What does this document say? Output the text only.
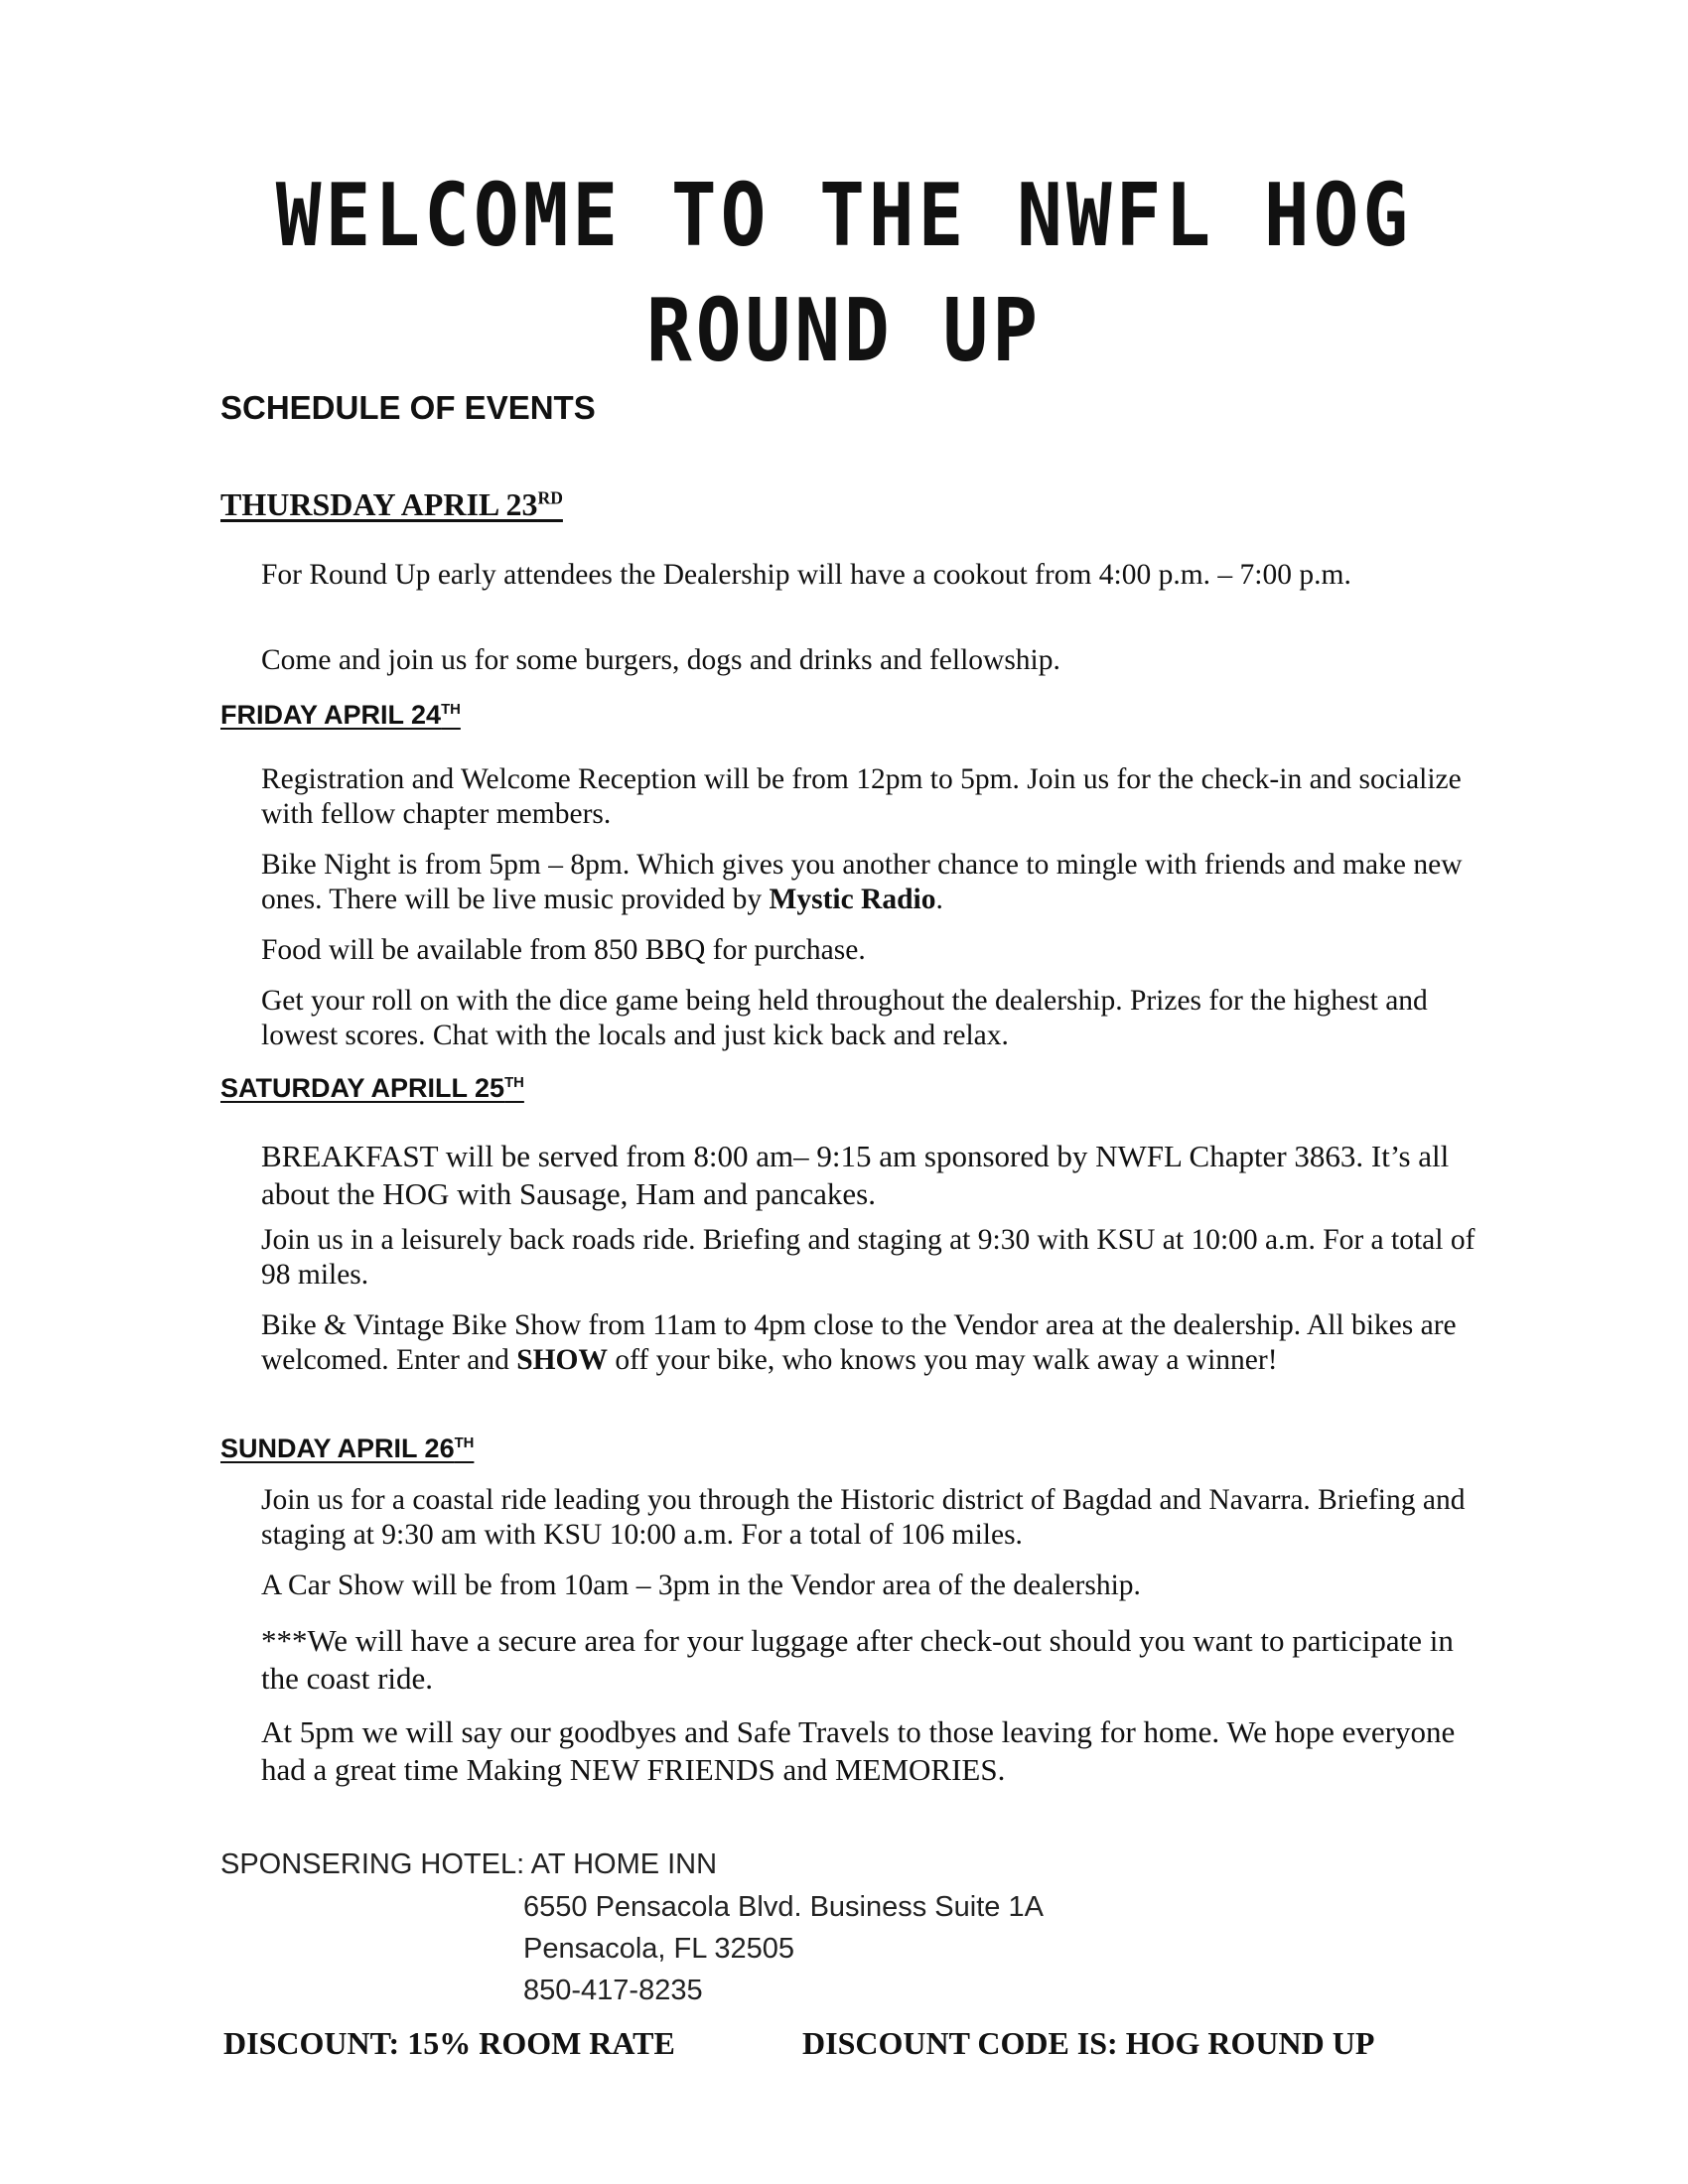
WELCOME TO THE NWFL HOG
ROUND UP
SCHEDULE OF EVENTS
THURSDAY APRIL 23RD
For Round Up early attendees the Dealership will have a cookout from 4:00 p.m. – 7:00 p.m.
Come and join us for some burgers, dogs and drinks and fellowship.
FRIDAY APRIL 24TH
Registration and Welcome Reception will be from 12pm to 5pm. Join us for the check-in and socialize with fellow chapter members.
Bike Night is from 5pm – 8pm. Which gives you another chance to mingle with friends and make new ones. There will be live music provided by Mystic Radio.
Food will be available from 850 BBQ for purchase.
Get your roll on with the dice game being held throughout the dealership. Prizes for the highest and lowest scores. Chat with the locals and just kick back and relax.
SATURDAY APRILL 25TH
BREAKFAST will be served from 8:00 am– 9:15 am sponsored by NWFL Chapter 3863. It’s all about the HOG with Sausage, Ham and pancakes.
Join us in a leisurely back roads ride. Briefing and staging at 9:30 with KSU at 10:00 a.m. For a total of 98 miles.
Bike & Vintage Bike Show from 11am to 4pm close to the Vendor area at the dealership. All bikes are welcomed. Enter and SHOW off your bike, who knows you may walk away a winner!
SUNDAY APRIL 26TH
Join us for a coastal ride leading you through the Historic district of Bagdad and Navarra. Briefing and staging at 9:30 am with KSU 10:00 a.m. For a total of 106 miles.
A Car Show will be from 10am – 3pm in the Vendor area of the dealership.
***We will have a secure area for your luggage after check-out should you want to participate in the coast ride.
At 5pm we will say our goodbyes and Safe Travels to those leaving for home. We hope everyone had a great time Making NEW FRIENDS and MEMORIES.
SPONSERING HOTEL: AT HOME INN
6550 Pensacola Blvd. Business Suite 1A
Pensacola, FL 32505
850-417-8235
DISCOUNT: 15% ROOM RATE	DISCOUNT CODE IS: HOG ROUND UP
